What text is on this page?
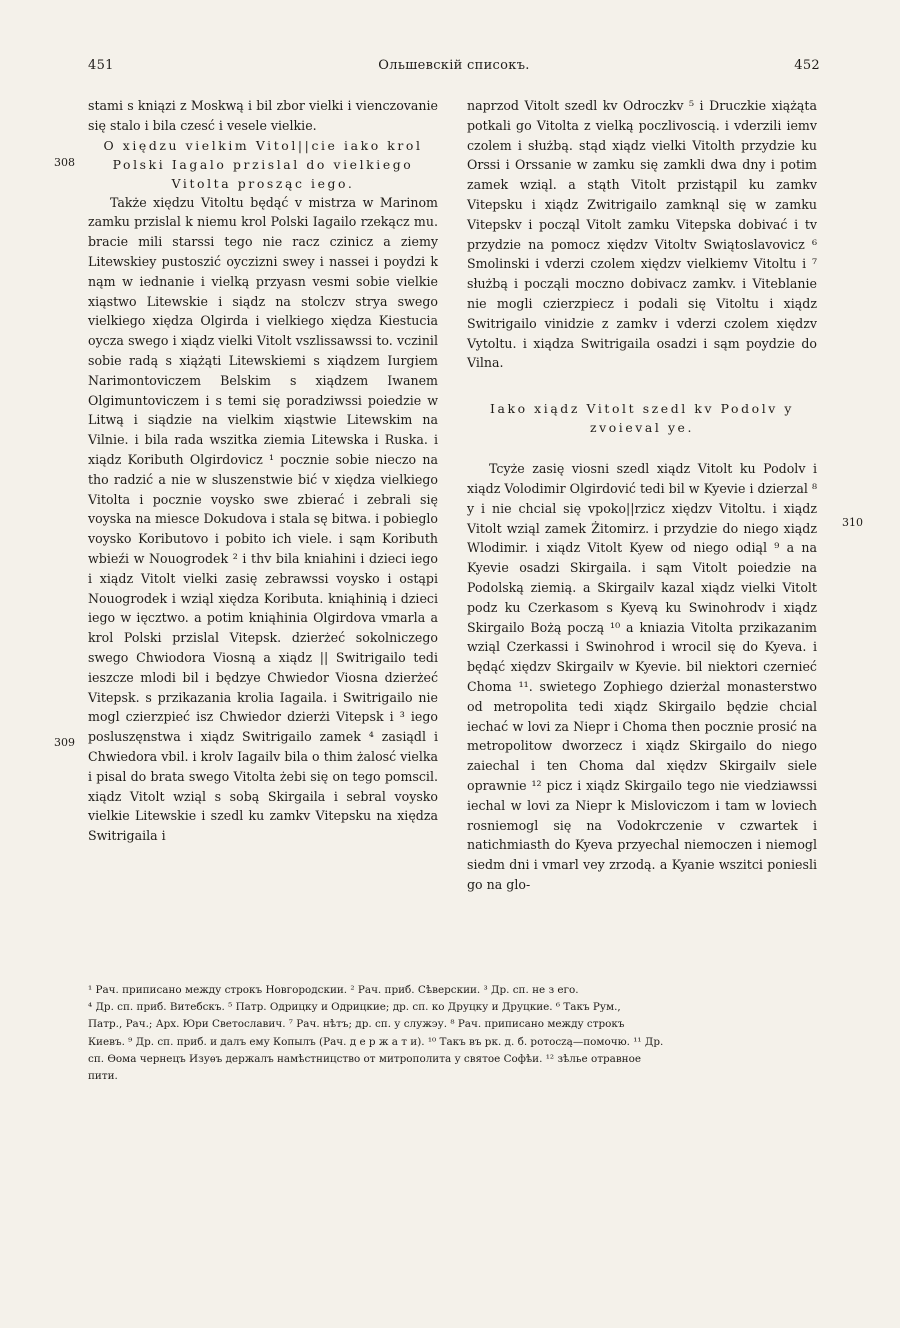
451	Ольшевскій списокъ.	452

stami s kniązi z Moskwą i bil zbor vielki i vienczovanie się stalo i bila czesć i vesele vielkie.

O xiędzu vielkim Vitol||cie iako krol Polski Iagalo przislal do vielkiego Vitolta prosząc iego.

Także xiędzu Vitoltu będąć v mistrza w Marinom zamku przislal k niemu krol Polski Iagailo rzekącz mu. bracie mili starssi tego nie racz czinicz a ziemy Litewskiey pustoszić oyczizni swey i nassei i poydzi k nąm w iednanie i vielką przyasn vesmi sobie vielkie xiąstwo Litewskie i siądz na stolczv strya swego vielkiego xiędza Olgirda i vielkiego xiędza Kiestucia oycza swego i xiądz vielki Vitolt vszlissawssi to. vczinil sobie radą s xiążąti Litewskiemi s xiądzem Iurgiem Narimontoviczem Belskim s xiądzem Iwanem Olgimuntoviczem i s temi się poradziwssi poiedzie w Litwą i siądzie na vielkim xiąstwie Litewskim na Vilnie. i bila rada wszitka ziemia Litewska i Ruska. i xiądz Koributh Olgirdovicz ¹ pocznie sobie nieczo na tho radzić a nie w sluszenstwie bić v xiędza vielkiego Vitolta i pocznie voysko swe zbierać i zebrali się voyska na miesce Dokudova i stala sę bitwa. i pobieglo voysko Koributovo i pobito ich viele. i sąm Koributh wbieźi w Nouogrodek ² i thv bila kniahini i dzieci iego i xiądz Vitolt vielki zasię zebrawssi voysko i ostąpi Nouogrodek i wziąl xiędza Koributa. kniąhinią i dzieci iego w ięcztwo. a potim kniąhinia Olgirdova vmarla a krol Polski przislal Vitepsk. dzierżeć sokolniczego swego Chwiodora Viosną a xiądz || Switrigailo tedi ieszcze mlodi bil i będzye Chwiedor Viosna dzierżeć Vitepsk. s przikazania krolia Iagaila. i Switrigailo nie mogl czierzpieć isz Chwiedor dzierżi Vitepsk i ³ iego posluszęnstwa i xiądz Switrigailo zamek ⁴ zasiądl i Chwiedora vbil. i krolv Iagailv bila o thim żalosć vielka i pisal do brata swego Vitolta żebi się on tego pomscil. xiądz Vitolt wziąl s sobą Skirgaila i sebral voysko vielkie Litewskie i szedl ku zamkv Vitepsku na xiędza Switrigaila i

naprzod Vitolt szedl kv Odroczkv ⁵ i Druczkie xiążąta potkali go Vitolta z vielką poczlivoscią. i vderzili iemv czolem i służbą. stąd xiądz vielki Vitolth przydzie ku Orssi i Orssanie w zamku się zamkli dwa dny i potim zamek wziąl. a stąth Vitolt przistąpil ku zamkv Vitepsku i xiądz Zwitrigailo zamknąl się w zamku Vitepskv i począl Vitolt zamku Vitepska dobivać i tv przydzie na pomocz xiędzv Vitoltv Swiątoslavovicz ⁶ Smolinski i vderzi czolem xiędzv vielkiemv Vitoltu i ⁷ służbą i począli moczno dobivacz zamkv. i Viteblanie nie mogli czierzpiecz i podali się Vitoltu i xiądz Switrigailo vinidzie z zamkv i vderzi czolem xiędzv Vytoltu. i xiądza Switrigaila osadzi i sąm poydzie do Vilna.

Iako xiądz Vitolt szedl kv Podolv y zvoieval ye.

Tcyże zasię viosni szedl xiądz Vitolt ku Podolv i xiądz Volodimir Olgirdović tedi bil w Kyevie i dzierzal ⁸ y i nie chcial się vpoko||rzicz xiędzv Vitoltu. i xiądz Vitolt wziąl zamek Żitomirz. i przydzie do niego xiądz Wlodimir. i xiądz Vitolt Kyew od niego odiąl ⁹ a na Kyevie osadzi Skirgaila. i sąm Vitolt poiedzie na Podolską ziemią. a Skirgailv kazal xiądz vielki Vitolt podz ku Czerkasom s Kyevą ku Swinohrodv i xiądz Skirgailo Bożą począ ¹⁰ a kniazia Vitolta przikazanim wziąl Czerkassi i Swinohrod i wrocil się do Kyeva. i będąć xiędzv Skirgailv w Kyevie. bil niektori czernieć Choma ¹¹. swietego Zophiego dzierżal monasterstwo od metropolita tedi xiądz Skirgailo będzie chcial iechać w lovi za Niepr i Choma then pocznie prosić na metropolitow dworzecz i xiądz Skirgailo do niego zaiechal i ten Choma dal xiędzv Skirgailv siele oprawnie ¹² picz i xiądz Skirgailo tego nie viedziawssi iechal w lovi za Niepr k Misloviczom i tam w loviech rosniemogl się na Vodokrczenie v czwartek i natichmiasth do Kyeva przyechal niemoczen i niemogl siedm dni i vmarl vey zrzodą. a Kyanie wszitci poniesli go na glo-

308
309
310

¹ Рач. приписано между строкъ Новгородскии. ² Рач. приб. Сѣверскии. ³ Др. сп. не з его.

⁴ Др. сп. приб. Витебскъ. ⁵ Патр. Одрицку и Одрицкие; др. сп. ко Друцку и Друцкие. ⁶ Такъ Рум.,

Патр., Рач.; Арх. Юри Светославич. ⁷ Рач. нѣтъ; др. сп. у служэу. ⁸ Рач. приписано между строкъ

Киевъ. ⁹ Др. сп. приб. и далъ ему Копылъ (Рач. д е р ж а т и). ¹⁰ Такъ въ рк. д. б. ротосzą—помочю. ¹¹ Др.

сп. Ѳома чернецъ Изуѳъ держалъ намѣстницство от митрополита у святое Софѣи. ¹² зѣлье отравное

пити.
